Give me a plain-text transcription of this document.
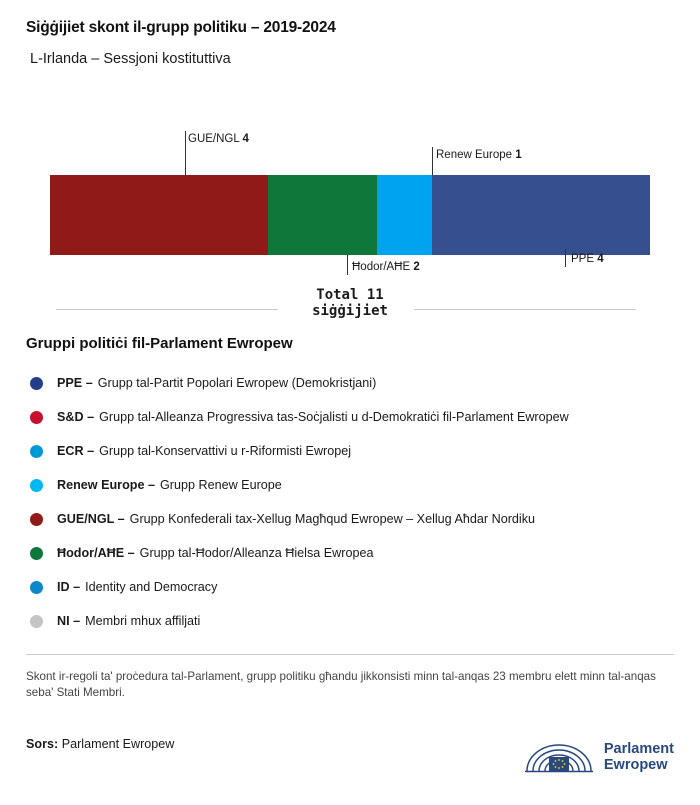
Siġġijiet skont il-grupp politiku – 2019-2024
L-Irlanda – Sessjoni kostituttiva
GUE/NGL 4
Renew Europe 1
Ħodor/AĦE 2
PPE 4
Total 11
siġġijiet
Gruppi politiċi fil-Parlament Ewropew
PPE – Grupp tal-Partit Popolari Ewropew (Demokristjani)
S&D – Grupp tal-Alleanza Progressiva tas-Soċjalisti u d-Demokratiċi fil-Parlament Ewropew
ECR – Grupp tal-Konservattivi u r-Riformisti Ewropej
Renew Europe – Grupp Renew Europe
GUE/NGL – Grupp Konfederali tax-Xellug Magħqud Ewropew – Xellug Aħdar Nordiku
Ħodor/AĦE – Grupp tal-Ħodor/Alleanza Ħielsa Ewropea
ID – Identity and Democracy
NI – Membri mhux affiljati
Skont ir-regoli ta' proċedura tal-Parlament, grupp politiku għandu jikkonsisti minn tal-anqas 23 membru elett minn tal-anqas seba' Stati Membri.
Sors: Parlament Ewropew	Parlament
Ewropew
